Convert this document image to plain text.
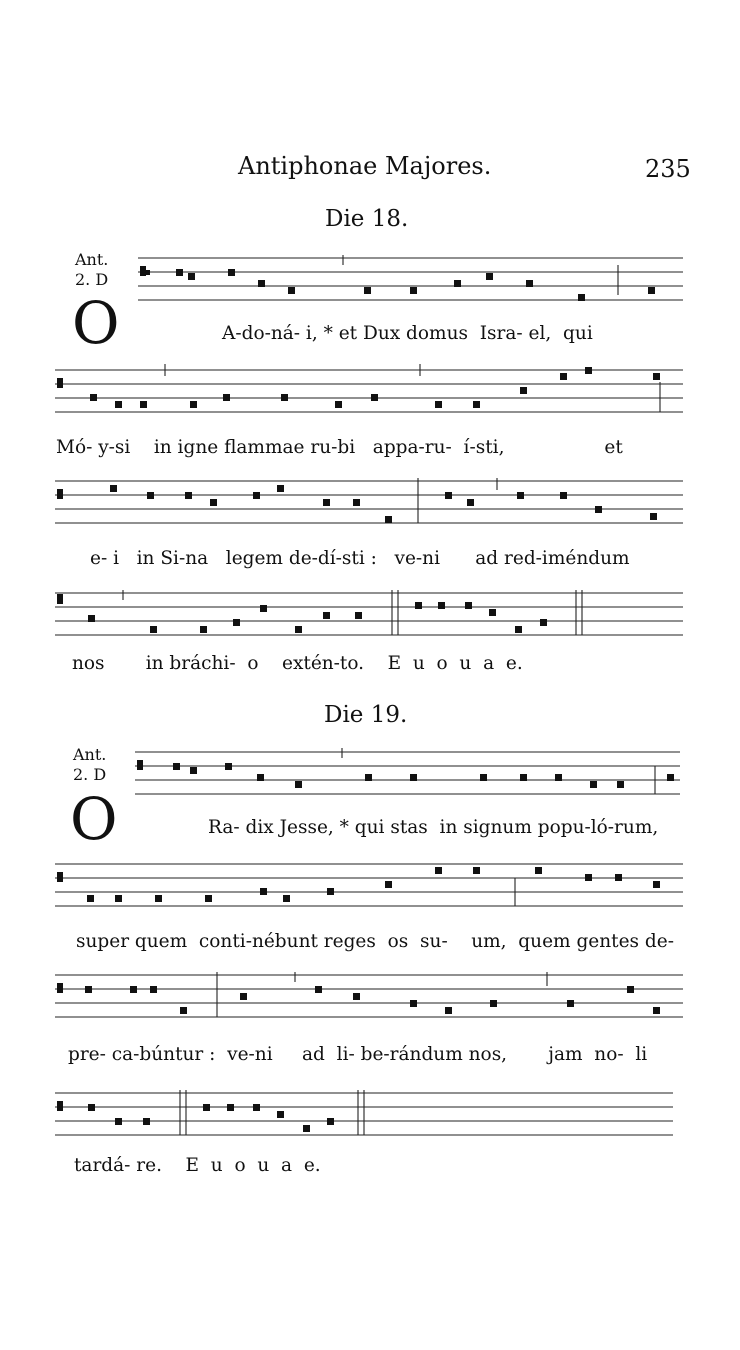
Antiphonae Majores.	235
Die 18.
Ant.
2. D
O	A-do-ná- i, * et Dux domus  Isra- el,  qui
Mó- y-si    in igne flammae ru-bi   appa-ru-  í-sti,                 et
e- i   in Si-na   legem de-dí-sti :   ve-ni      ad red-iméndum
nos       in bráchi-  o    extén-to.    E  u  o  u  a  e.
Die 19.
Ant.
2. D
O	Ra- dix Jesse, * qui stas  in signum popu-ló-rum,
super quem  conti-nébunt reges  os  su-    um,  quem gentes de-
pre- ca-búntur :  ve-ni     ad  li- be-rándum nos,       jam  no-  li
tardá- re.    E  u  o  u  a  e.
